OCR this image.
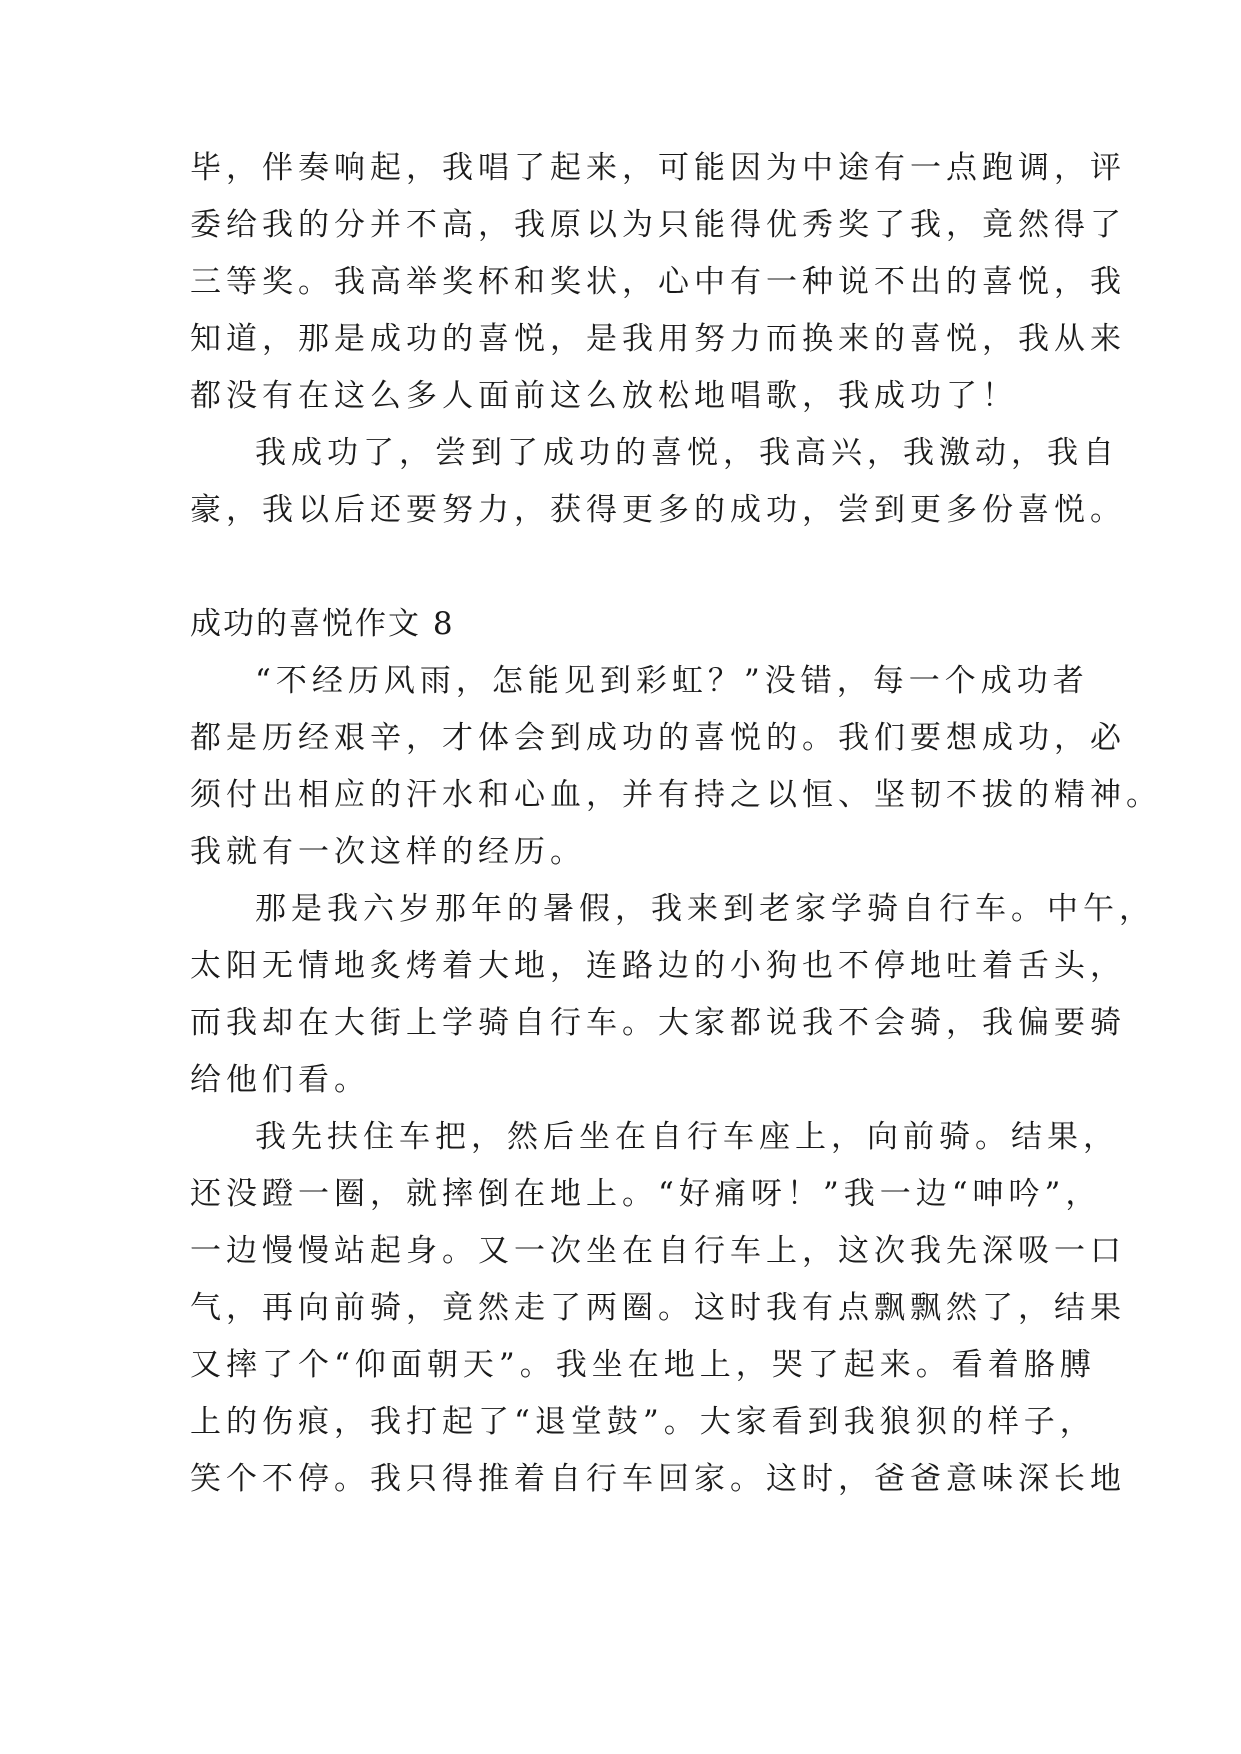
毕，伴奏响起，我唱了起来，可能因为中途有一点跑调，评
委给我的分并不高，我原以为只能得优秀奖了我，竟然得了
三等奖。我高举奖杯和奖状，心中有一种说不出的喜悦，我
知道，那是成功的喜悦，是我用努力而换来的喜悦，我从来
都没有在这么多人面前这么放松地唱歌，我成功了！
我成功了，尝到了成功的喜悦，我高兴，我激动，我自
豪，我以后还要努力，获得更多的成功，尝到更多份喜悦。
成功的喜悦作文 8
“不经历风雨，怎能见到彩虹？”没错，每一个成功者
都是历经艰辛，才体会到成功的喜悦的。我们要想成功，必
须付出相应的汗水和心血，并有持之以恒、坚韧不拔的精神。
我就有一次这样的经历。
那是我六岁那年的暑假，我来到老家学骑自行车。中午，
太阳无情地炙烤着大地，连路边的小狗也不停地吐着舌头，
而我却在大街上学骑自行车。大家都说我不会骑，我偏要骑
给他们看。
我先扶住车把，然后坐在自行车座上，向前骑。结果，
还没蹬一圈，就摔倒在地上。“好痛呀！”我一边“呻吟”，
一边慢慢站起身。又一次坐在自行车上，这次我先深吸一口
气，再向前骑，竟然走了两圈。这时我有点飘飘然了，结果
又摔了个“仰面朝天”。我坐在地上，哭了起来。看着胳膊
上的伤痕，我打起了“退堂鼓”。大家看到我狼狈的样子，
笑个不停。我只得推着自行车回家。这时，爸爸意味深长地
